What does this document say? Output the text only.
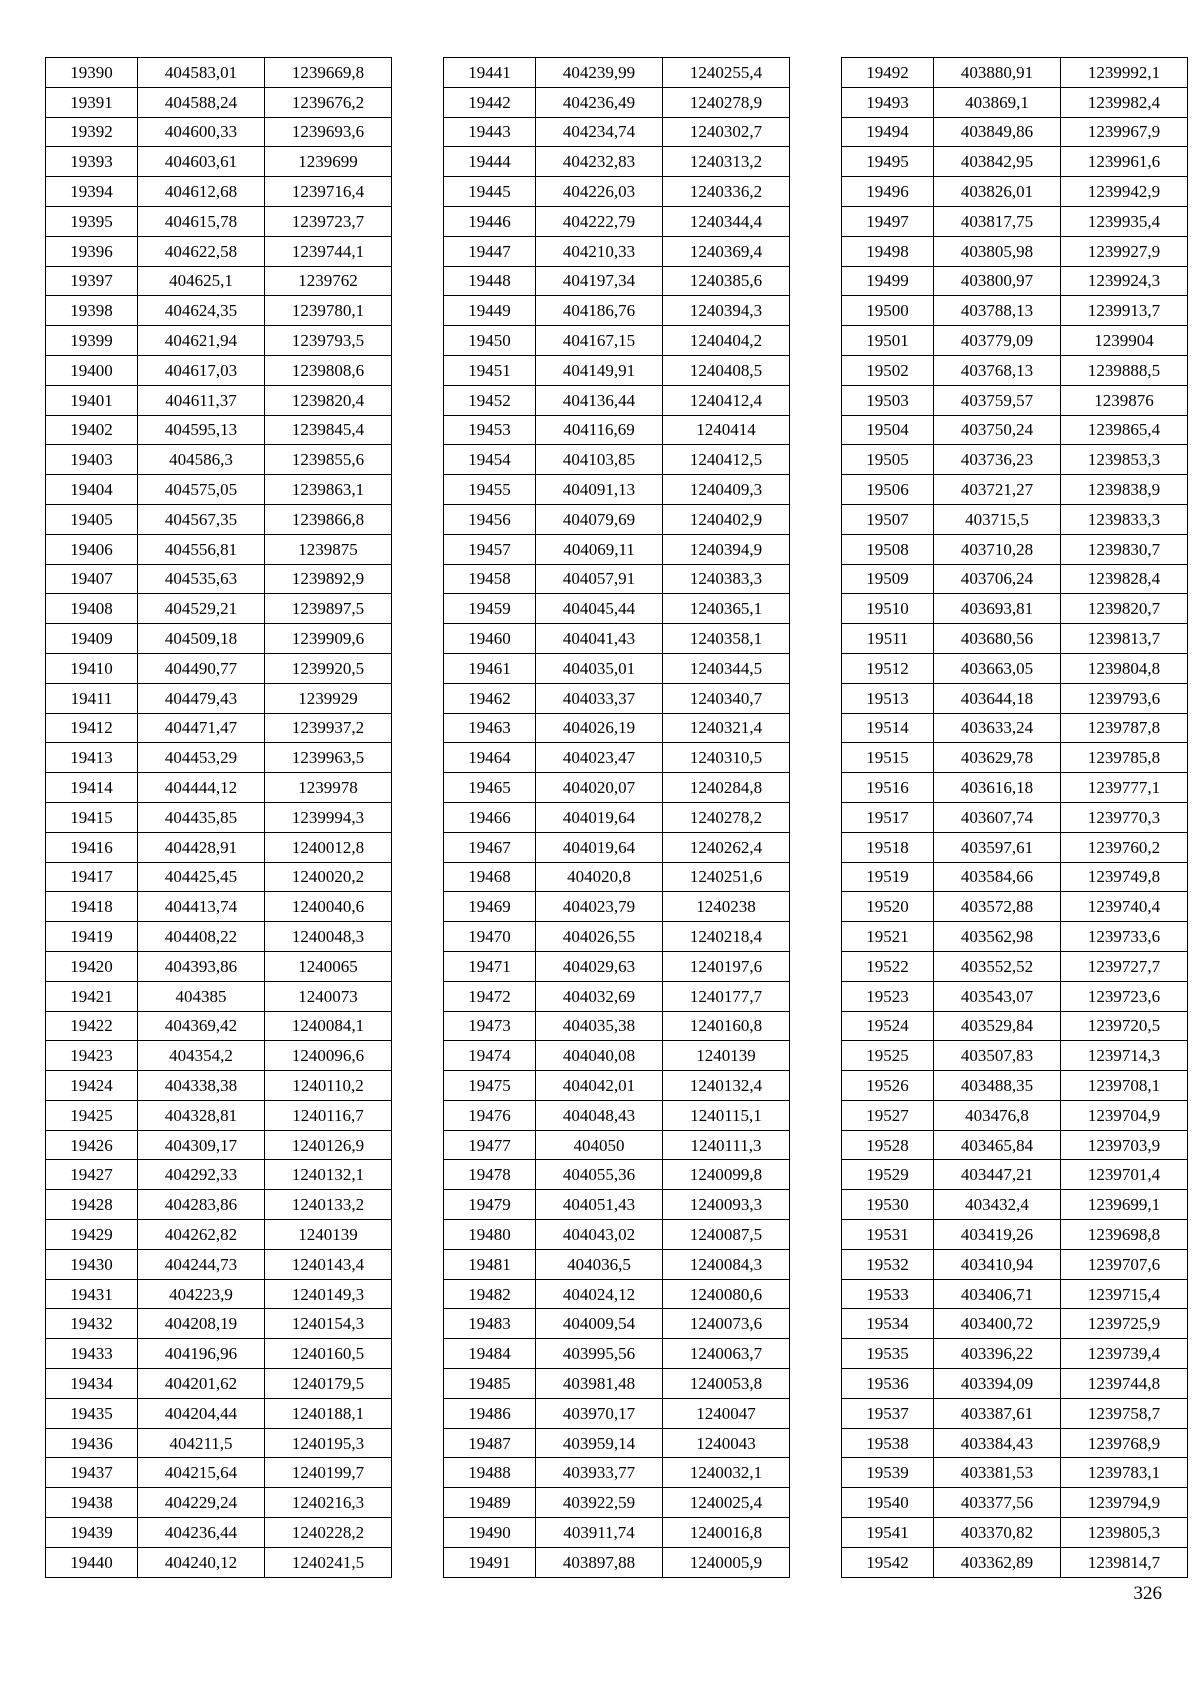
19390	404583,01	1239669,8
19391	404588,24	1239676,2
19392	404600,33	1239693,6
19393	404603,61	1239699
19394	404612,68	1239716,4
19395	404615,78	1239723,7
19396	404622,58	1239744,1
19397	404625,1	1239762
19398	404624,35	1239780,1
19399	404621,94	1239793,5
19400	404617,03	1239808,6
19401	404611,37	1239820,4
19402	404595,13	1239845,4
19403	404586,3	1239855,6
19404	404575,05	1239863,1
19405	404567,35	1239866,8
19406	404556,81	1239875
19407	404535,63	1239892,9
19408	404529,21	1239897,5
19409	404509,18	1239909,6
19410	404490,77	1239920,5
19411	404479,43	1239929
19412	404471,47	1239937,2
19413	404453,29	1239963,5
19414	404444,12	1239978
19415	404435,85	1239994,3
19416	404428,91	1240012,8
19417	404425,45	1240020,2
19418	404413,74	1240040,6
19419	404408,22	1240048,3
19420	404393,86	1240065
19421	404385	1240073
19422	404369,42	1240084,1
19423	404354,2	1240096,6
19424	404338,38	1240110,2
19425	404328,81	1240116,7
19426	404309,17	1240126,9
19427	404292,33	1240132,1
19428	404283,86	1240133,2
19429	404262,82	1240139
19430	404244,73	1240143,4
19431	404223,9	1240149,3
19432	404208,19	1240154,3
19433	404196,96	1240160,5
19434	404201,62	1240179,5
19435	404204,44	1240188,1
19436	404211,5	1240195,3
19437	404215,64	1240199,7
19438	404229,24	1240216,3
19439	404236,44	1240228,2
19440	404240,12	1240241,5
19441	404239,99	1240255,4
19442	404236,49	1240278,9
19443	404234,74	1240302,7
19444	404232,83	1240313,2
19445	404226,03	1240336,2
19446	404222,79	1240344,4
19447	404210,33	1240369,4
19448	404197,34	1240385,6
19449	404186,76	1240394,3
19450	404167,15	1240404,2
19451	404149,91	1240408,5
19452	404136,44	1240412,4
19453	404116,69	1240414
19454	404103,85	1240412,5
19455	404091,13	1240409,3
19456	404079,69	1240402,9
19457	404069,11	1240394,9
19458	404057,91	1240383,3
19459	404045,44	1240365,1
19460	404041,43	1240358,1
19461	404035,01	1240344,5
19462	404033,37	1240340,7
19463	404026,19	1240321,4
19464	404023,47	1240310,5
19465	404020,07	1240284,8
19466	404019,64	1240278,2
19467	404019,64	1240262,4
19468	404020,8	1240251,6
19469	404023,79	1240238
19470	404026,55	1240218,4
19471	404029,63	1240197,6
19472	404032,69	1240177,7
19473	404035,38	1240160,8
19474	404040,08	1240139
19475	404042,01	1240132,4
19476	404048,43	1240115,1
19477	404050	1240111,3
19478	404055,36	1240099,8
19479	404051,43	1240093,3
19480	404043,02	1240087,5
19481	404036,5	1240084,3
19482	404024,12	1240080,6
19483	404009,54	1240073,6
19484	403995,56	1240063,7
19485	403981,48	1240053,8
19486	403970,17	1240047
19487	403959,14	1240043
19488	403933,77	1240032,1
19489	403922,59	1240025,4
19490	403911,74	1240016,8
19491	403897,88	1240005,9
19492	403880,91	1239992,1
19493	403869,1	1239982,4
19494	403849,86	1239967,9
19495	403842,95	1239961,6
19496	403826,01	1239942,9
19497	403817,75	1239935,4
19498	403805,98	1239927,9
19499	403800,97	1239924,3
19500	403788,13	1239913,7
19501	403779,09	1239904
19502	403768,13	1239888,5
19503	403759,57	1239876
19504	403750,24	1239865,4
19505	403736,23	1239853,3
19506	403721,27	1239838,9
19507	403715,5	1239833,3
19508	403710,28	1239830,7
19509	403706,24	1239828,4
19510	403693,81	1239820,7
19511	403680,56	1239813,7
19512	403663,05	1239804,8
19513	403644,18	1239793,6
19514	403633,24	1239787,8
19515	403629,78	1239785,8
19516	403616,18	1239777,1
19517	403607,74	1239770,3
19518	403597,61	1239760,2
19519	403584,66	1239749,8
19520	403572,88	1239740,4
19521	403562,98	1239733,6
19522	403552,52	1239727,7
19523	403543,07	1239723,6
19524	403529,84	1239720,5
19525	403507,83	1239714,3
19526	403488,35	1239708,1
19527	403476,8	1239704,9
19528	403465,84	1239703,9
19529	403447,21	1239701,4
19530	403432,4	1239699,1
19531	403419,26	1239698,8
19532	403410,94	1239707,6
19533	403406,71	1239715,4
19534	403400,72	1239725,9
19535	403396,22	1239739,4
19536	403394,09	1239744,8
19537	403387,61	1239758,7
19538	403384,43	1239768,9
19539	403381,53	1239783,1
19540	403377,56	1239794,9
19541	403370,82	1239805,3
19542	403362,89	1239814,7
326
